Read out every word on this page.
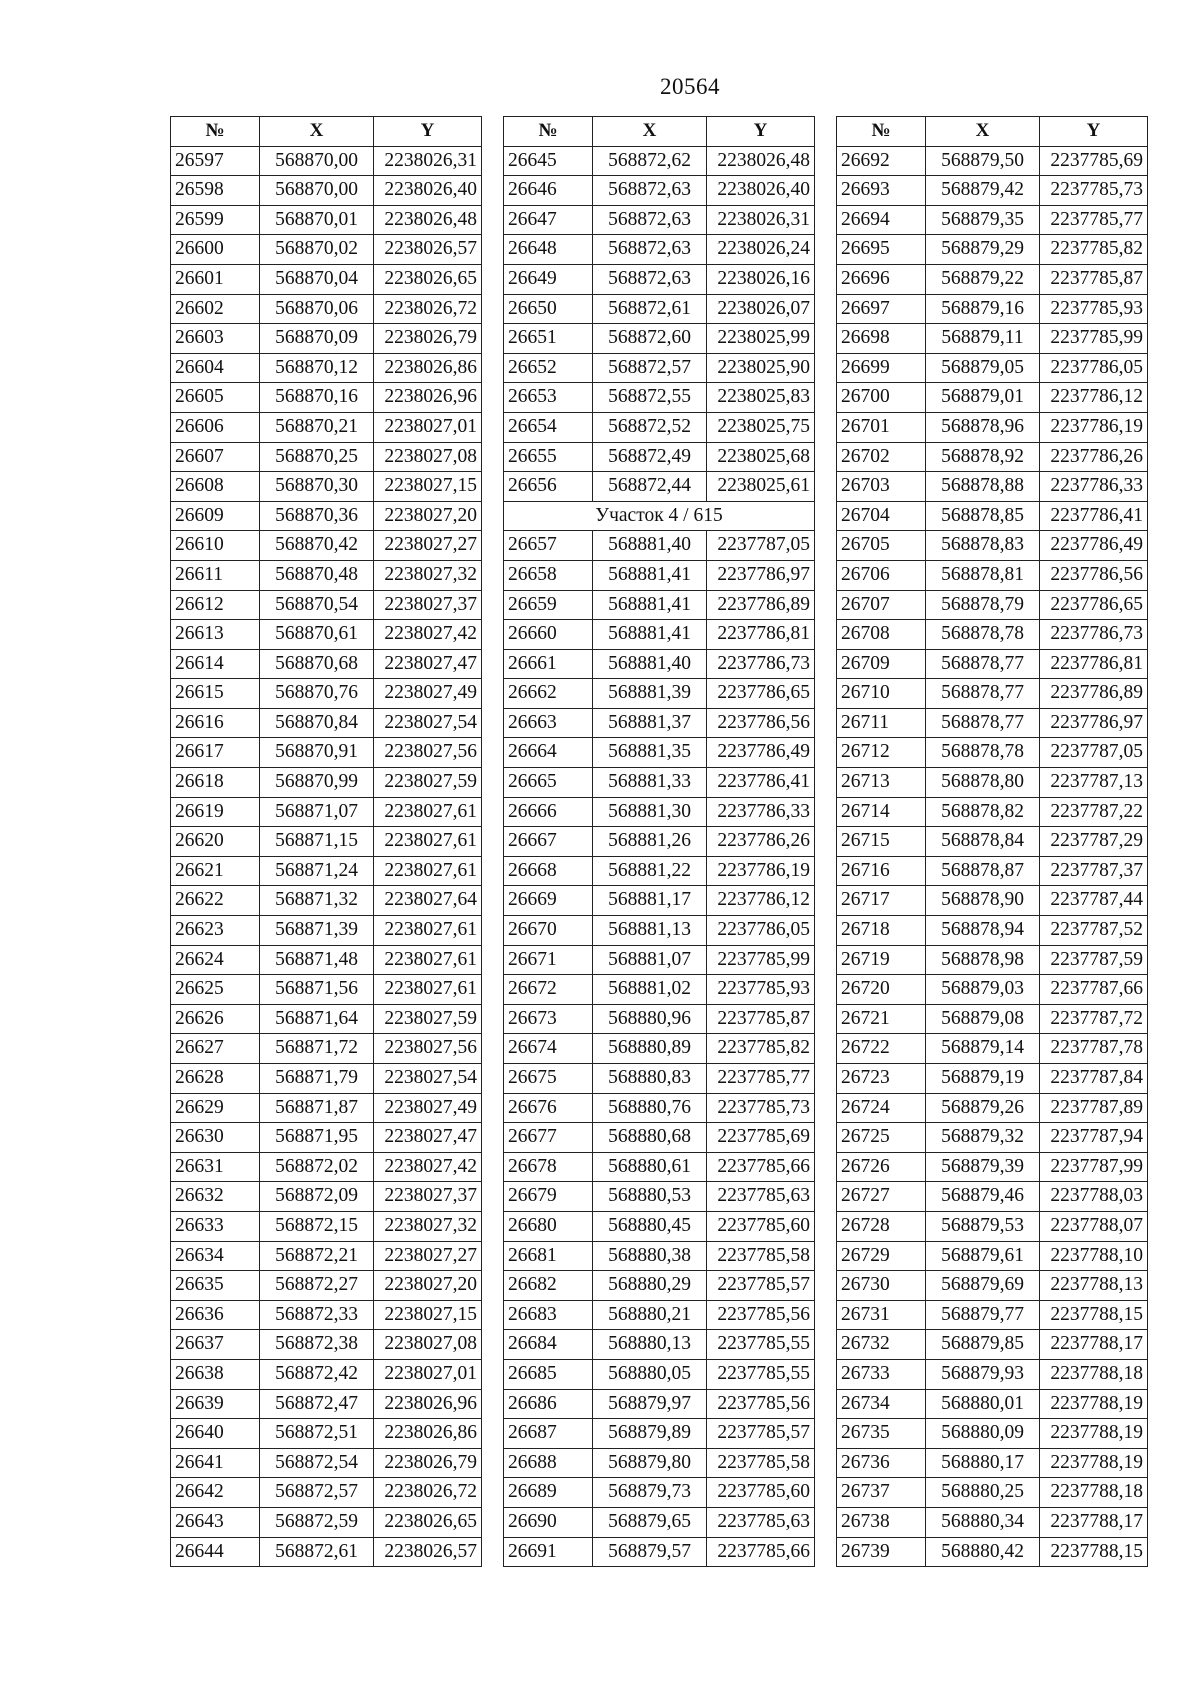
20564
№	X	Y
26597	568870,00	2238026,31
26598	568870,00	2238026,40
26599	568870,01	2238026,48
26600	568870,02	2238026,57
26601	568870,04	2238026,65
26602	568870,06	2238026,72
26603	568870,09	2238026,79
26604	568870,12	2238026,86
26605	568870,16	2238026,96
26606	568870,21	2238027,01
26607	568870,25	2238027,08
26608	568870,30	2238027,15
26609	568870,36	2238027,20
26610	568870,42	2238027,27
26611	568870,48	2238027,32
26612	568870,54	2238027,37
26613	568870,61	2238027,42
26614	568870,68	2238027,47
26615	568870,76	2238027,49
26616	568870,84	2238027,54
26617	568870,91	2238027,56
26618	568870,99	2238027,59
26619	568871,07	2238027,61
26620	568871,15	2238027,61
26621	568871,24	2238027,61
26622	568871,32	2238027,64
26623	568871,39	2238027,61
26624	568871,48	2238027,61
26625	568871,56	2238027,61
26626	568871,64	2238027,59
26627	568871,72	2238027,56
26628	568871,79	2238027,54
26629	568871,87	2238027,49
26630	568871,95	2238027,47
26631	568872,02	2238027,42
26632	568872,09	2238027,37
26633	568872,15	2238027,32
26634	568872,21	2238027,27
26635	568872,27	2238027,20
26636	568872,33	2238027,15
26637	568872,38	2238027,08
26638	568872,42	2238027,01
26639	568872,47	2238026,96
26640	568872,51	2238026,86
26641	568872,54	2238026,79
26642	568872,57	2238026,72
26643	568872,59	2238026,65
26644	568872,61	2238026,57
№	X	Y
26645	568872,62	2238026,48
26646	568872,63	2238026,40
26647	568872,63	2238026,31
26648	568872,63	2238026,24
26649	568872,63	2238026,16
26650	568872,61	2238026,07
26651	568872,60	2238025,99
26652	568872,57	2238025,90
26653	568872,55	2238025,83
26654	568872,52	2238025,75
26655	568872,49	2238025,68
26656	568872,44	2238025,61
Участок 4 / 615		
26657	568881,40	2237787,05
26658	568881,41	2237786,97
26659	568881,41	2237786,89
26660	568881,41	2237786,81
26661	568881,40	2237786,73
26662	568881,39	2237786,65
26663	568881,37	2237786,56
26664	568881,35	2237786,49
26665	568881,33	2237786,41
26666	568881,30	2237786,33
26667	568881,26	2237786,26
26668	568881,22	2237786,19
26669	568881,17	2237786,12
26670	568881,13	2237786,05
26671	568881,07	2237785,99
26672	568881,02	2237785,93
26673	568880,96	2237785,87
26674	568880,89	2237785,82
26675	568880,83	2237785,77
26676	568880,76	2237785,73
26677	568880,68	2237785,69
26678	568880,61	2237785,66
26679	568880,53	2237785,63
26680	568880,45	2237785,60
26681	568880,38	2237785,58
26682	568880,29	2237785,57
26683	568880,21	2237785,56
26684	568880,13	2237785,55
26685	568880,05	2237785,55
26686	568879,97	2237785,56
26687	568879,89	2237785,57
26688	568879,80	2237785,58
26689	568879,73	2237785,60
26690	568879,65	2237785,63
26691	568879,57	2237785,66
№	X	Y
26692	568879,50	2237785,69
26693	568879,42	2237785,73
26694	568879,35	2237785,77
26695	568879,29	2237785,82
26696	568879,22	2237785,87
26697	568879,16	2237785,93
26698	568879,11	2237785,99
26699	568879,05	2237786,05
26700	568879,01	2237786,12
26701	568878,96	2237786,19
26702	568878,92	2237786,26
26703	568878,88	2237786,33
26704	568878,85	2237786,41
26705	568878,83	2237786,49
26706	568878,81	2237786,56
26707	568878,79	2237786,65
26708	568878,78	2237786,73
26709	568878,77	2237786,81
26710	568878,77	2237786,89
26711	568878,77	2237786,97
26712	568878,78	2237787,05
26713	568878,80	2237787,13
26714	568878,82	2237787,22
26715	568878,84	2237787,29
26716	568878,87	2237787,37
26717	568878,90	2237787,44
26718	568878,94	2237787,52
26719	568878,98	2237787,59
26720	568879,03	2237787,66
26721	568879,08	2237787,72
26722	568879,14	2237787,78
26723	568879,19	2237787,84
26724	568879,26	2237787,89
26725	568879,32	2237787,94
26726	568879,39	2237787,99
26727	568879,46	2237788,03
26728	568879,53	2237788,07
26729	568879,61	2237788,10
26730	568879,69	2237788,13
26731	568879,77	2237788,15
26732	568879,85	2237788,17
26733	568879,93	2237788,18
26734	568880,01	2237788,19
26735	568880,09	2237788,19
26736	568880,17	2237788,19
26737	568880,25	2237788,18
26738	568880,34	2237788,17
26739	568880,42	2237788,15
